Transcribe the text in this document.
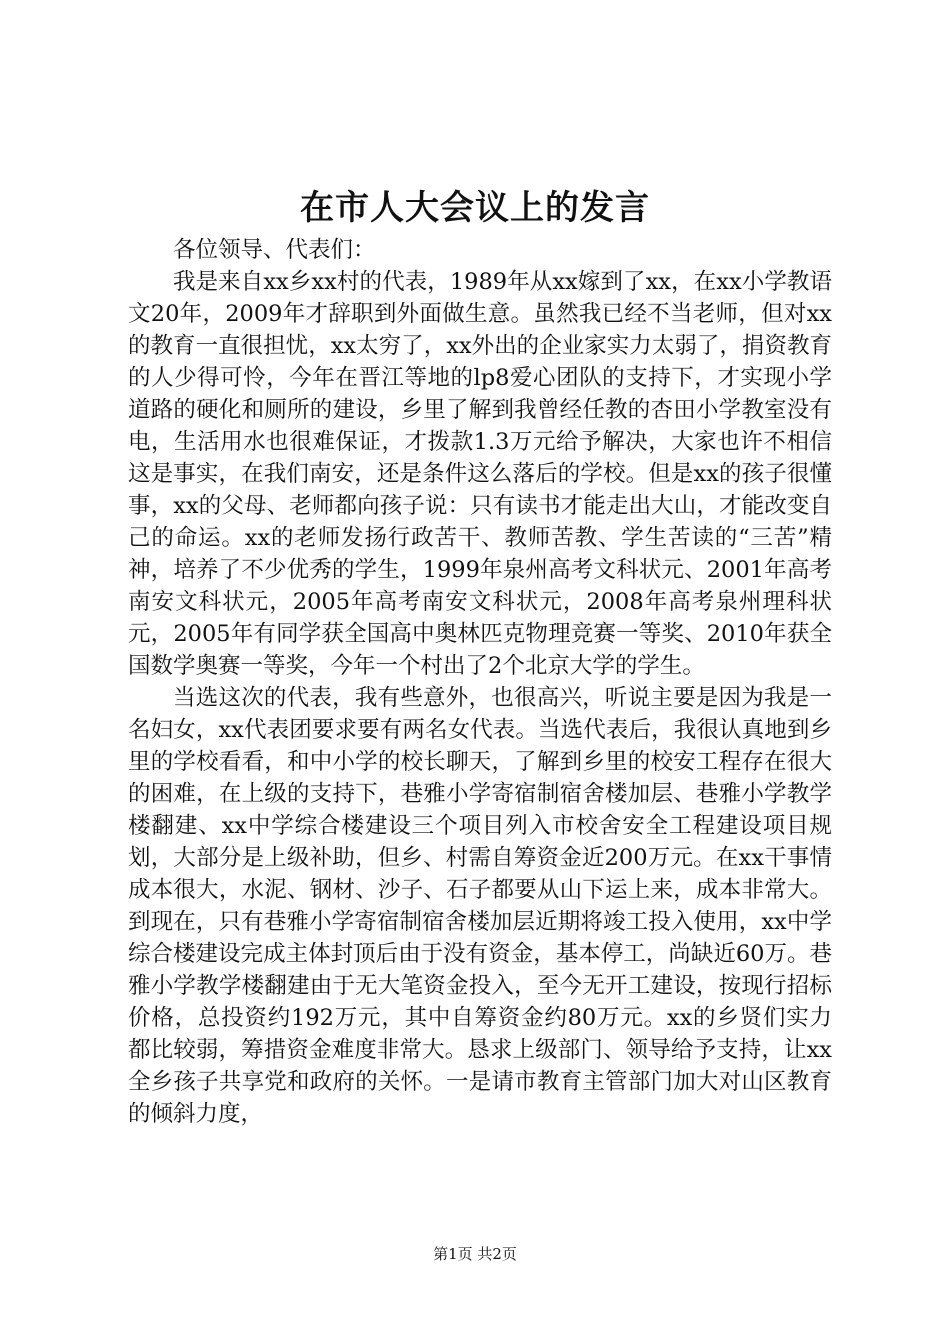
在市人大会议上的发言

各位领导、代表们：

我是来自xx乡xx村的代表，1989年从xx嫁到了xx，在xx小学教语文20年，2009年才辞职到外面做生意。虽然我已经不当老师，但对xx的教育一直很担忧，xx太穷了，xx外出的企业家实力太弱了，捐资教育的人少得可怜，今年在晋江等地的lp8爱心团队的支持下，才实现小学道路的硬化和厕所的建设，乡里了解到我曾经任教的杏田小学教室没有电，生活用水也很难保证，才拨款1.3万元给予解决，大家也许不相信这是事实，在我们南安，还是条件这么落后的学校。但是xx的孩子很懂事，xx的父母、老师都向孩子说：只有读书才能走出大山，才能改变自己的命运。xx的老师发扬行政苦干、教师苦教、学生苦读的“三苦”精神，培养了不少优秀的学生，1999年泉州高考文科状元、2001年高考南安文科状元，2005年高考南安文科状元，2008年高考泉州理科状元，2005年有同学获全国高中奥林匹克物理竞赛一等奖、2010年获全国数学奥赛一等奖，今年一个村出了2个北京大学的学生。

当选这次的代表，我有些意外，也很高兴，听说主要是因为我是一名妇女，xx代表团要求要有两名女代表。当选代表后，我很认真地到乡里的学校看看，和中小学的校长聊天，了解到乡里的校安工程存在很大的困难，在上级的支持下，巷雅小学寄宿制宿舍楼加层、巷雅小学教学楼翻建、xx中学综合楼建设三个项目列入市校舍安全工程建设项目规划，大部分是上级补助，但乡、村需自筹资金近200万元。在xx干事情成本很大，水泥、钢材、沙子、石子都要从山下运上来，成本非常大。到现在，只有巷雅小学寄宿制宿舍楼加层近期将竣工投入使用，xx中学综合楼建设完成主体封顶后由于没有资金，基本停工，尚缺近60万。巷雅小学教学楼翻建由于无大笔资金投入，至今无开工建设，按现行招标价格，总投资约192万元，其中自筹资金约80万元。xx的乡贤们实力都比较弱，筹措资金难度非常大。恳求上级部门、领导给予支持，让xx全乡孩子共享党和政府的关怀。一是请市教育主管部门加大对山区教育的倾斜力度，

第1页 共2页
